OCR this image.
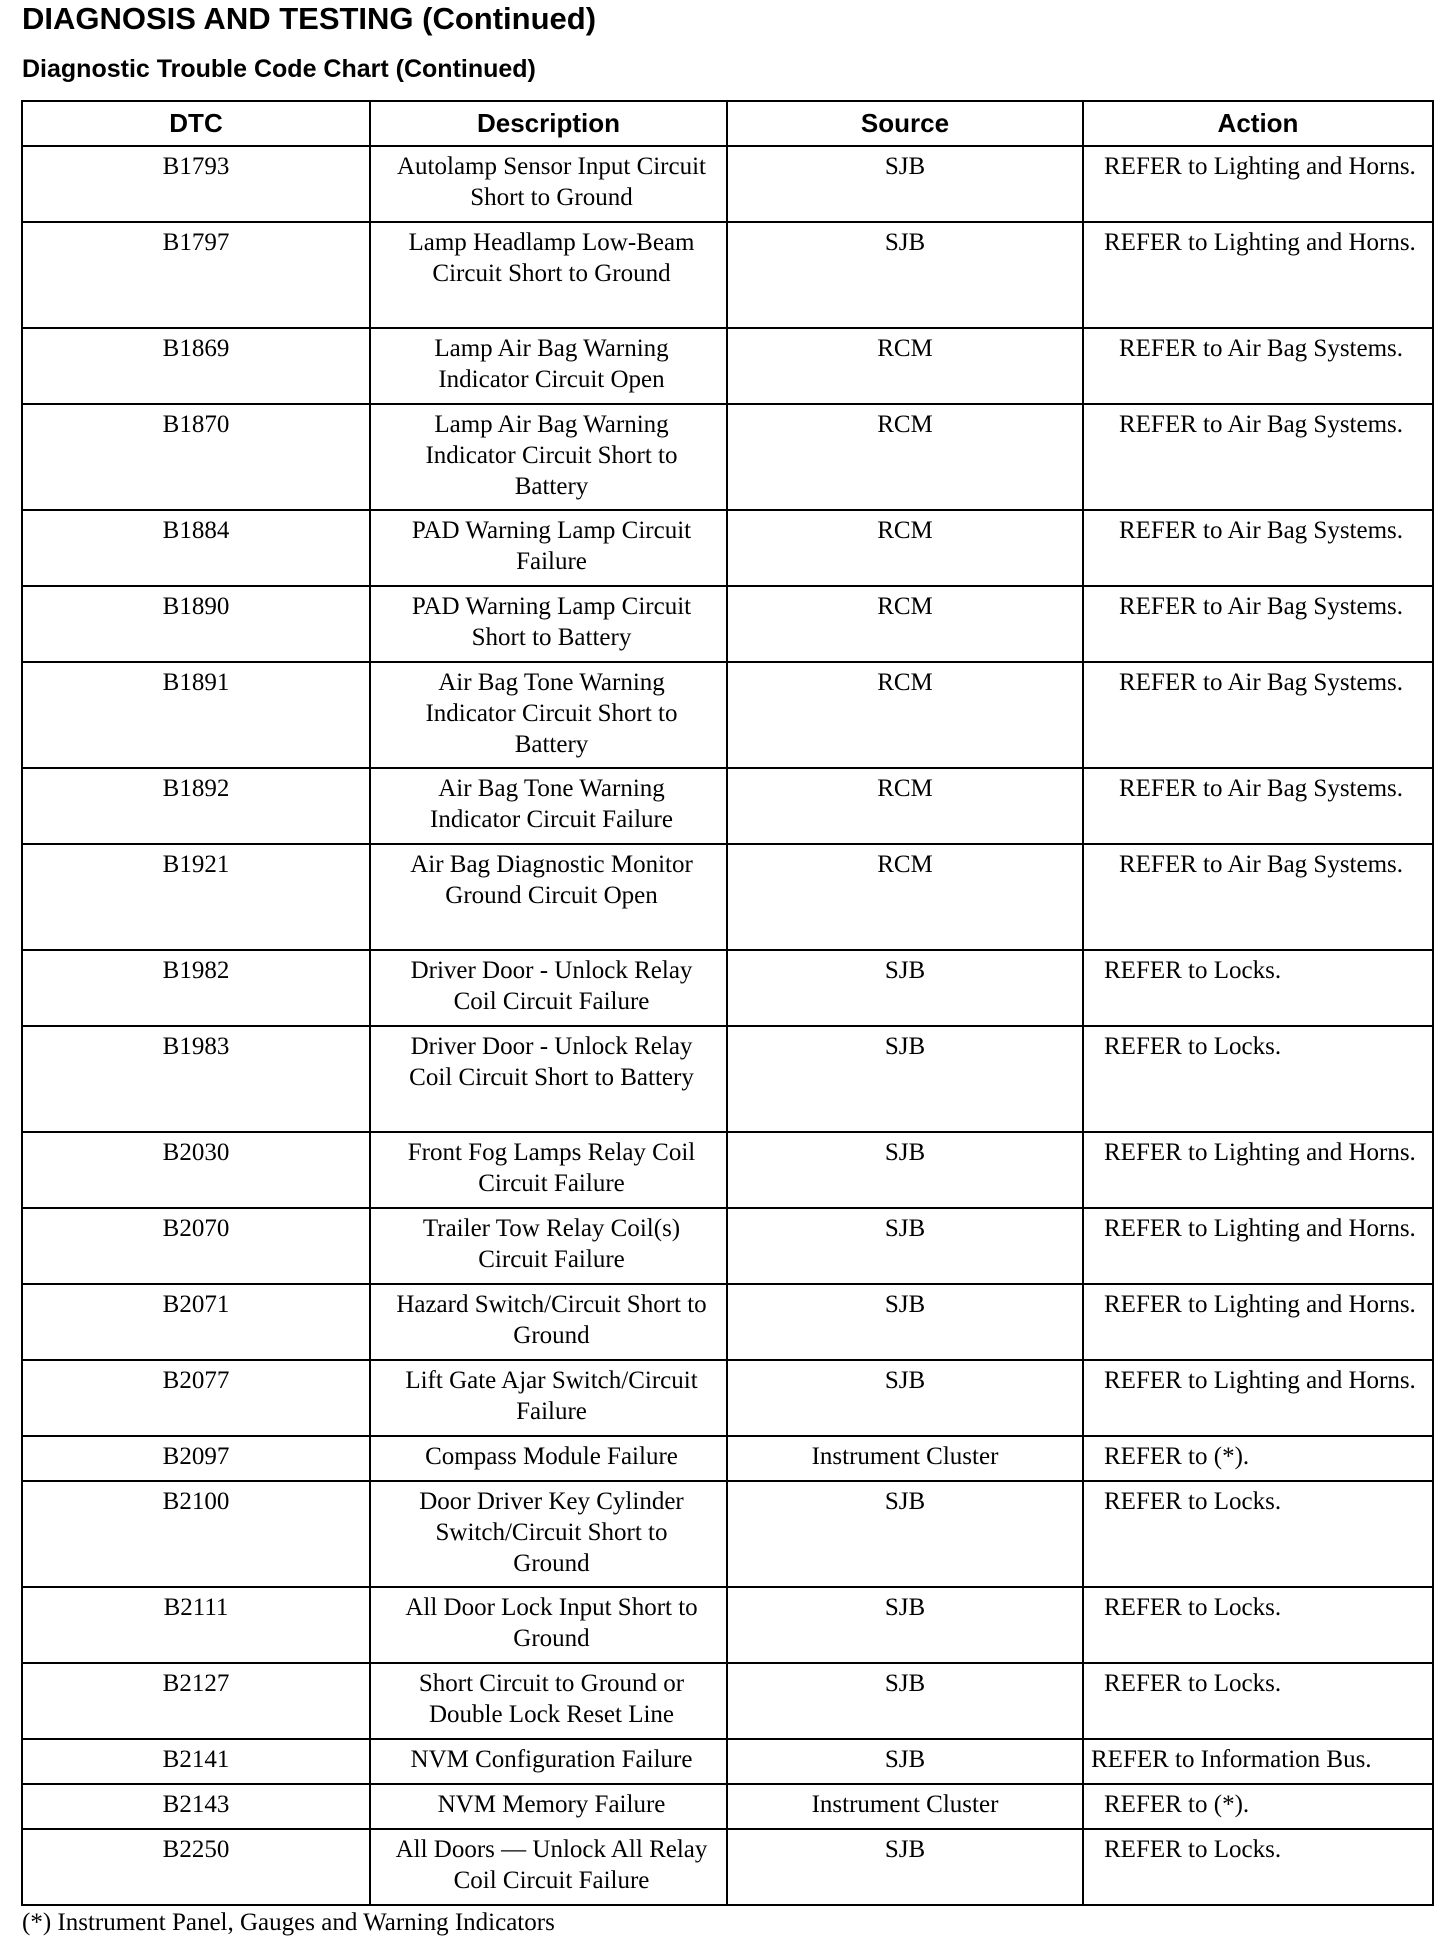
DIAGNOSIS AND TESTING (Continued)
Diagnostic Trouble Code Chart (Continued)
DTC	Description	Source	Action
B1793	Autolamp Sensor Input Circuit Short to Ground	SJB	REFER to Lighting and Horns.
B1797	Lamp Headlamp Low-Beam Circuit Short to Ground	SJB	REFER to Lighting and Horns.
B1869	Lamp Air Bag Warning Indicator Circuit Open	RCM	REFER to Air Bag Systems.
B1870	Lamp Air Bag Warning Indicator Circuit Short to Battery	RCM	REFER to Air Bag Systems.
B1884	PAD Warning Lamp Circuit Failure	RCM	REFER to Air Bag Systems.
B1890	PAD Warning Lamp Circuit Short to Battery	RCM	REFER to Air Bag Systems.
B1891	Air Bag Tone Warning Indicator Circuit Short to Battery	RCM	REFER to Air Bag Systems.
B1892	Air Bag Tone Warning Indicator Circuit Failure	RCM	REFER to Air Bag Systems.
B1921	Air Bag Diagnostic Monitor Ground Circuit Open	RCM	REFER to Air Bag Systems.
B1982	Driver Door - Unlock Relay Coil Circuit Failure	SJB	REFER to Locks.
B1983	Driver Door - Unlock Relay Coil Circuit Short to Battery	SJB	REFER to Locks.
B2030	Front Fog Lamps Relay Coil Circuit Failure	SJB	REFER to Lighting and Horns.
B2070	Trailer Tow Relay Coil(s) Circuit Failure	SJB	REFER to Lighting and Horns.
B2071	Hazard Switch/Circuit Short to Ground	SJB	REFER to Lighting and Horns.
B2077	Lift Gate Ajar Switch/Circuit Failure	SJB	REFER to Lighting and Horns.
B2097	Compass Module Failure	Instrument Cluster	REFER to (*).
B2100	Door Driver Key Cylinder Switch/Circuit Short to Ground	SJB	REFER to Locks.
B2111	All Door Lock Input Short to Ground	SJB	REFER to Locks.
B2127	Short Circuit to Ground or Double Lock Reset Line	SJB	REFER to Locks.
B2141	NVM Configuration Failure	SJB	REFER to Information Bus.
B2143	NVM Memory Failure	Instrument Cluster	REFER to (*).
B2250	All Doors — Unlock All Relay Coil Circuit Failure	SJB	REFER to Locks.
(*) Instrument Panel, Gauges and Warning Indicators
